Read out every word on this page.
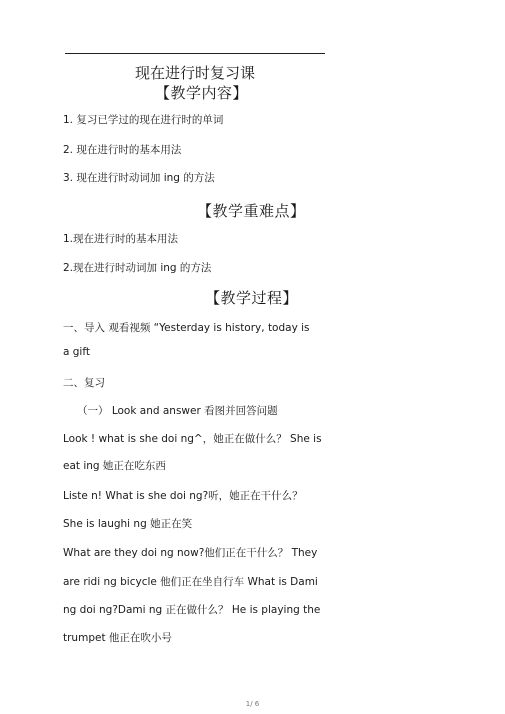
现在进行时复习课
【教学内容】
1. 复习已学过的现在进行时的单词
2. 现在进行时的基本用法
3. 现在进行时动词加 ing 的方法
【教学重难点】
1.现在进行时的基本用法
2.现在进行时动词加 ing 的方法
【教学过程】
一、导入 观看视频 “Yesterday is history, today is
a gift
二、复习
（一） Look and answer 看图并回答问题
Look ! what is she doi ng^，她正在做什么？ She is
eat ing 她正在吃东西
Liste n! What is she doi ng?听，她正在干什么？
She is laughi ng 她正在笑
What are they doi ng now?他们正在干什么？ They
are ridi ng bicycle 他们正在坐自行车 What is Dami
ng doi ng?Dami ng 正在做什么？ He is playing the
trumpet 他正在吹小号
1/ 6
